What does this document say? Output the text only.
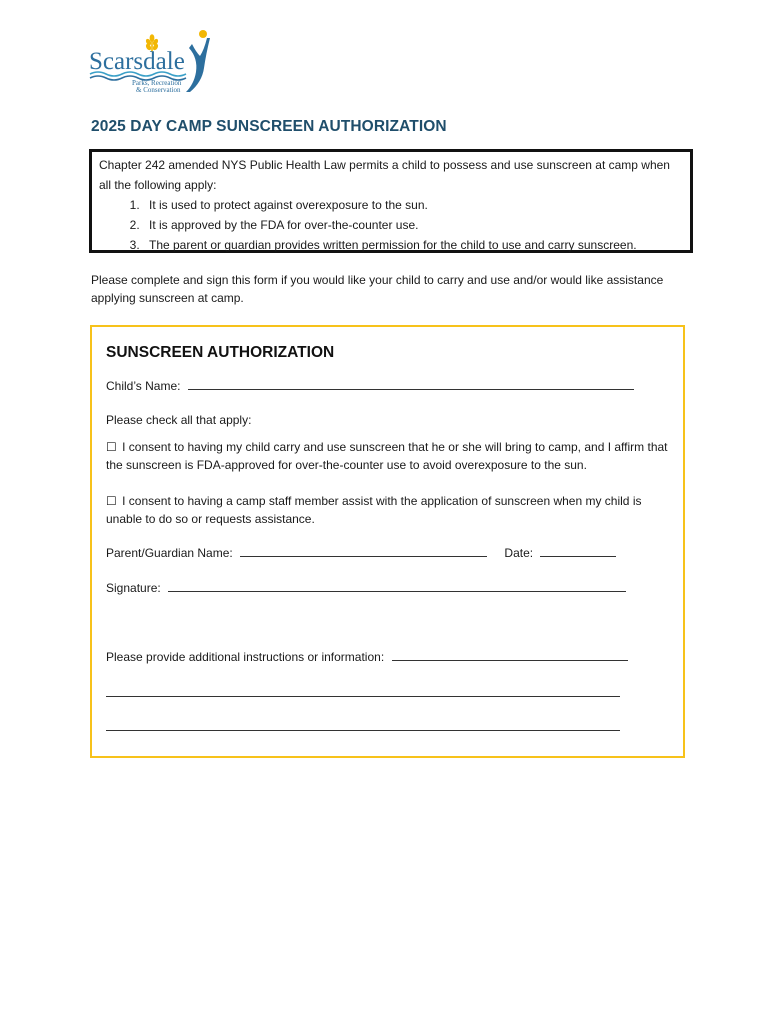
Scarsdale
Parks, Recreation
& Conservation
2025 DAY CAMP SUNSCREEN AUTHORIZATION

Chapter 242 amended NYS Public Health Law permits a child to possess and use sunscreen at camp when all the following apply:

1. It is used to protect against overexposure to the sun.
2. It is approved by the FDA for over-the-counter use.
3. The parent or guardian provides written permission for the child to use and carry sunscreen.
Please complete and sign this form if you would like your child to carry and use and/or would like assistance applying sunscreen at camp.
SUNSCREEN AUTHORIZATION
Child’s Name:
Please check all that apply:
☐ I consent to having my child carry and use sunscreen that he or she will bring to camp, and I affirm that the sunscreen is FDA-approved for over-the-counter use to avoid overexposure to the sun.
☐ I consent to having a camp staff member assist with the application of sunscreen when my child is unable to do so or requests assistance.
Parent/Guardian Name:	Date:
Signature:
Please provide additional instructions or information:
